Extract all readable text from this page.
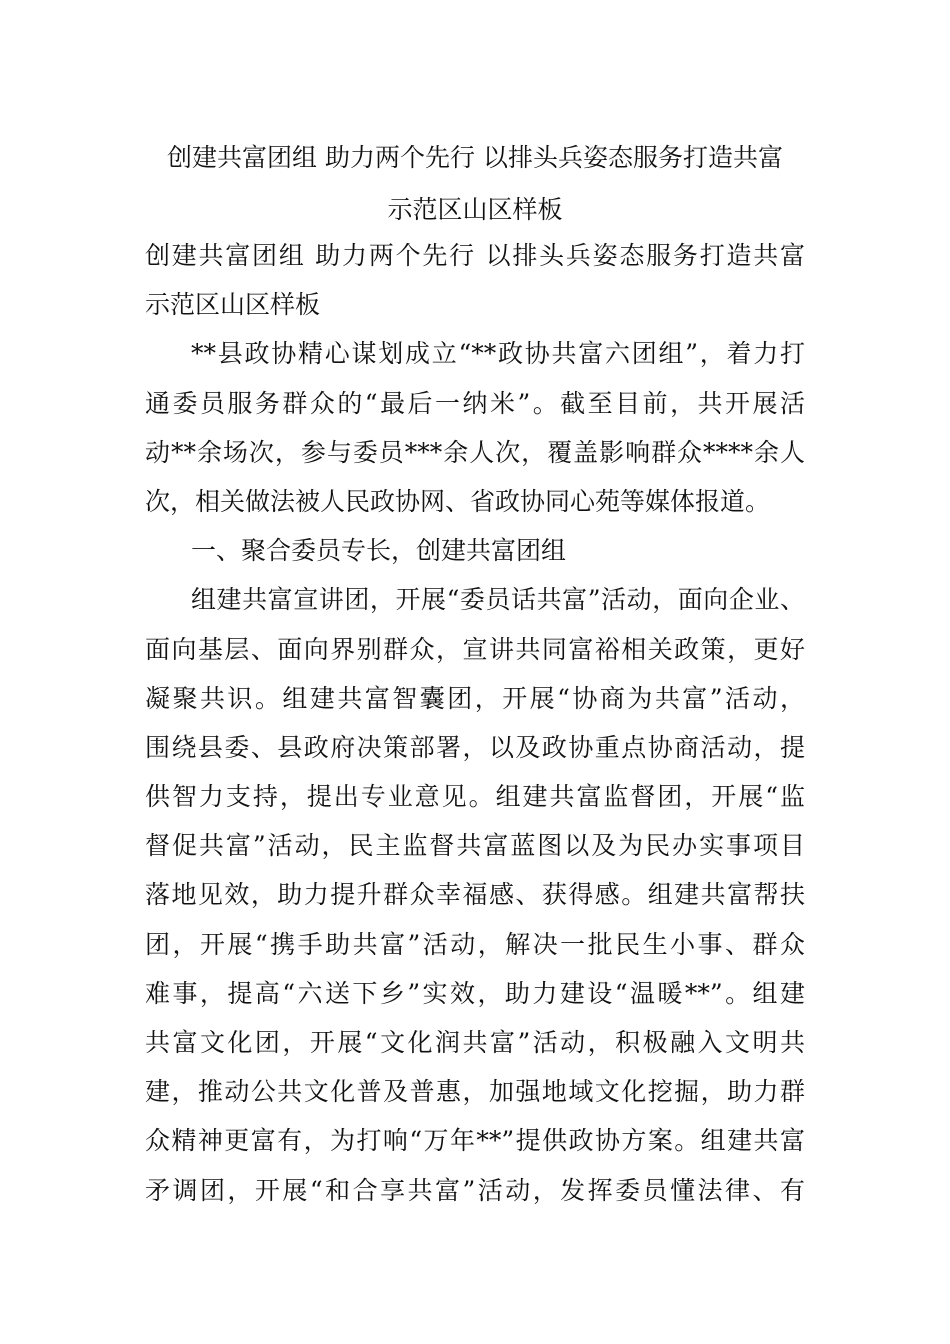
创建共富团组 助力两个先行 以排头兵姿态服务打造共富
示范区山区样板
创建共富团组 助力两个先行 以排头兵姿态服务打造共富
示范区山区样板
**县政协精心谋划成立“**政协共富六团组”，着力打
通委员服务群众的“最后一纳米”。截至目前，共开展活
动**余场次，参与委员***余人次，覆盖影响群众****余人
次，相关做法被人民政协网、省政协同心苑等媒体报道。
一、聚合委员专长，创建共富团组
组建共富宣讲团，开展“委员话共富”活动，面向企业、
面向基层、面向界别群众，宣讲共同富裕相关政策，更好
凝聚共识。组建共富智囊团，开展“协商为共富”活动，
围绕县委、县政府决策部署，以及政协重点协商活动，提
供智力支持，提出专业意见。组建共富监督团，开展“监
督促共富”活动，民主监督共富蓝图以及为民办实事项目
落地见效，助力提升群众幸福感、获得感。组建共富帮扶
团，开展“携手助共富”活动，解决一批民生小事、群众
难事，提高“六送下乡”实效，助力建设“温暖**”。组建
共富文化团，开展“文化润共富”活动，积极融入文明共
建，推动公共文化普及普惠，加强地域文化挖掘，助力群
众精神更富有，为打响“万年**”提供政协方案。组建共富
矛调团，开展“和合享共富”活动，发挥委员懂法律、有
